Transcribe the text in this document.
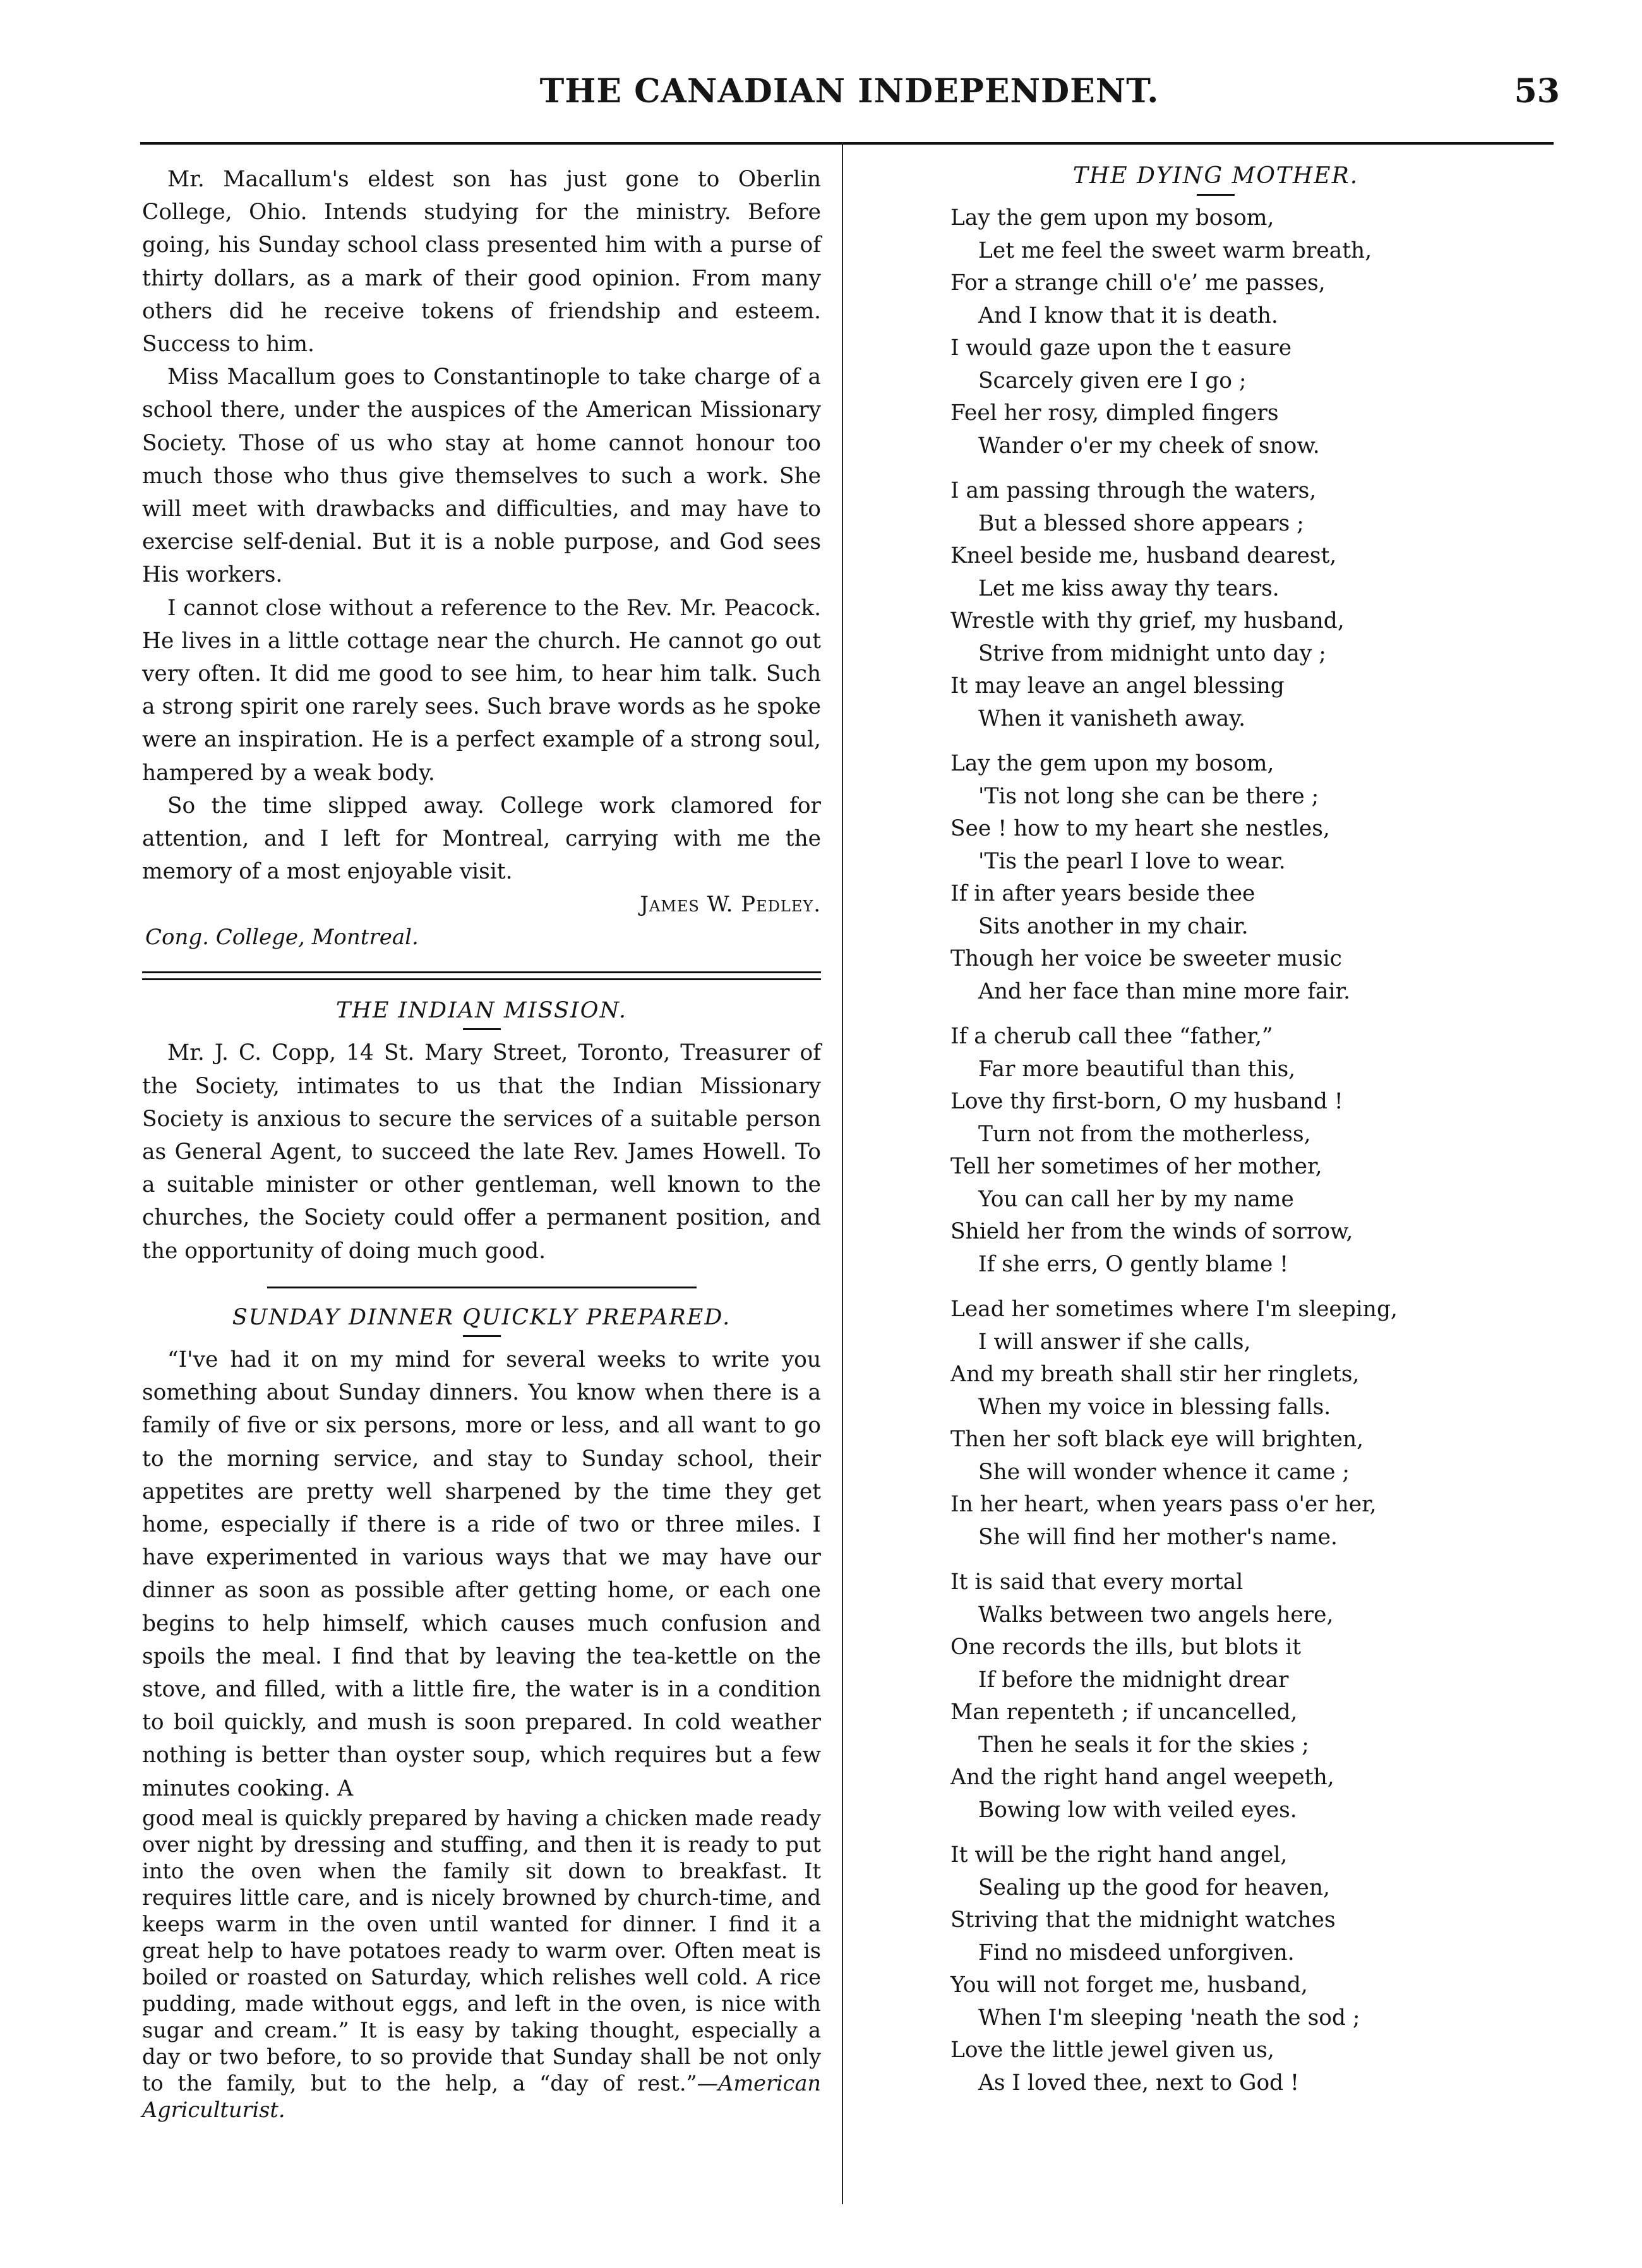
THE CANADIAN INDEPENDENT.	53

Mr. Macallum's eldest son has just gone to Oberlin College, Ohio. Intends studying for the ministry. Before going, his Sunday school class presented him with a purse of thirty dollars, as a mark of their good opinion. From many others did he receive tokens of friendship and esteem. Success to him.

Miss Macallum goes to Constantinople to take charge of a school there, under the auspices of the American Missionary Society. Those of us who stay at home cannot honour too much those who thus give themselves to such a work. She will meet with drawbacks and difficulties, and may have to exercise self-denial. But it is a noble purpose, and God sees His workers.

I cannot close without a reference to the Rev. Mr. Peacock. He lives in a little cottage near the church. He cannot go out very often. It did me good to see him, to hear him talk. Such a strong spirit one rarely sees. Such brave words as he spoke were an inspiration. He is a perfect example of a strong soul, hampered by a weak body.

So the time slipped away. College work clamored for attention, and I left for Montreal, carrying with me the memory of a most enjoyable visit.

James W. Pedley.

Cong. College, Montreal.

THE INDIAN MISSION.

Mr. J. C. Copp, 14 St. Mary Street, Toronto, Treasurer of the Society, intimates to us that the Indian Missionary Society is anxious to secure the services of a suitable person as General Agent, to succeed the late Rev. James Howell. To a suitable minister or other gentleman, well known to the churches, the Society could offer a permanent position, and the opportunity of doing much good.

SUNDAY DINNER QUICKLY PREPARED.

“I've had it on my mind for several weeks to write you something about Sunday dinners. You know when there is a family of five or six persons, more or less, and all want to go to the morning service, and stay to Sunday school, their appetites are pretty well sharpened by the time they get home, especially if there is a ride of two or three miles. I have experimented in various ways that we may have our dinner as soon as possible after getting home, or each one begins to help himself, which causes much confusion and spoils the meal. I find that by leaving the tea-kettle on the stove, and filled, with a little fire, the water is in a condition to boil quickly, and mush is soon prepared. In cold weather nothing is better than oyster soup, which requires but a few minutes cooking. A

good meal is quickly prepared by having a chicken made ready over night by dressing and stuffing, and then it is ready to put into the oven when the family sit down to breakfast. It requires little care, and is nicely browned by church-time, and keeps warm in the oven until wanted for dinner. I find it a great help to have potatoes ready to warm over. Often meat is boiled or roasted on Saturday, which relishes well cold. A rice pudding, made without eggs, and left in the oven, is nice with sugar and cream.” It is easy by taking thought, especially a day or two before, to so provide that Sunday shall be not only to the family, but to the help, a “day of rest.”—American Agriculturist.

THE DYING MOTHER.
Lay the gem upon my bosom,
Let me feel the sweet warm breath,
For a strange chill o'e’ me passes,
And I know that it is death.
I would gaze upon the t easure
Scarcely given ere I go ;
Feel her rosy, dimpled fingers
Wander o'er my cheek of snow.
I am passing through the waters,
But a blessed shore appears ;
Kneel beside me, husband dearest,
Let me kiss away thy tears.
Wrestle with thy grief, my husband,
Strive from midnight unto day ;
It may leave an angel blessing
When it vanisheth away.
Lay the gem upon my bosom,
'Tis not long she can be there ;
See ! how to my heart she nestles,
'Tis the pearl I love to wear.
If in after years beside thee
Sits another in my chair.
Though her voice be sweeter music
And her face than mine more fair.
If a cherub call thee “father,”
Far more beautiful than this,
Love thy first-born, O my husband !
Turn not from the motherless,
Tell her sometimes of her mother,
You can call her by my name
Shield her from the winds of sorrow,
If she errs, O gently blame !
Lead her sometimes where I'm sleeping,
I will answer if she calls,
And my breath shall stir her ringlets,
When my voice in blessing falls.
Then her soft black eye will brighten,
She will wonder whence it came ;
In her heart, when years pass o'er her,
She will find her mother's name.
It is said that every mortal
Walks between two angels here,
One records the ills, but blots it
If before the midnight drear
Man repenteth ; if uncancelled,
Then he seals it for the skies ;
And the right hand angel weepeth,
Bowing low with veiled eyes.
It will be the right hand angel,
Sealing up the good for heaven,
Striving that the midnight watches
Find no misdeed unforgiven.
You will not forget me, husband,
When I'm sleeping 'neath the sod ;
Love the little jewel given us,
As I loved thee, next to God !
